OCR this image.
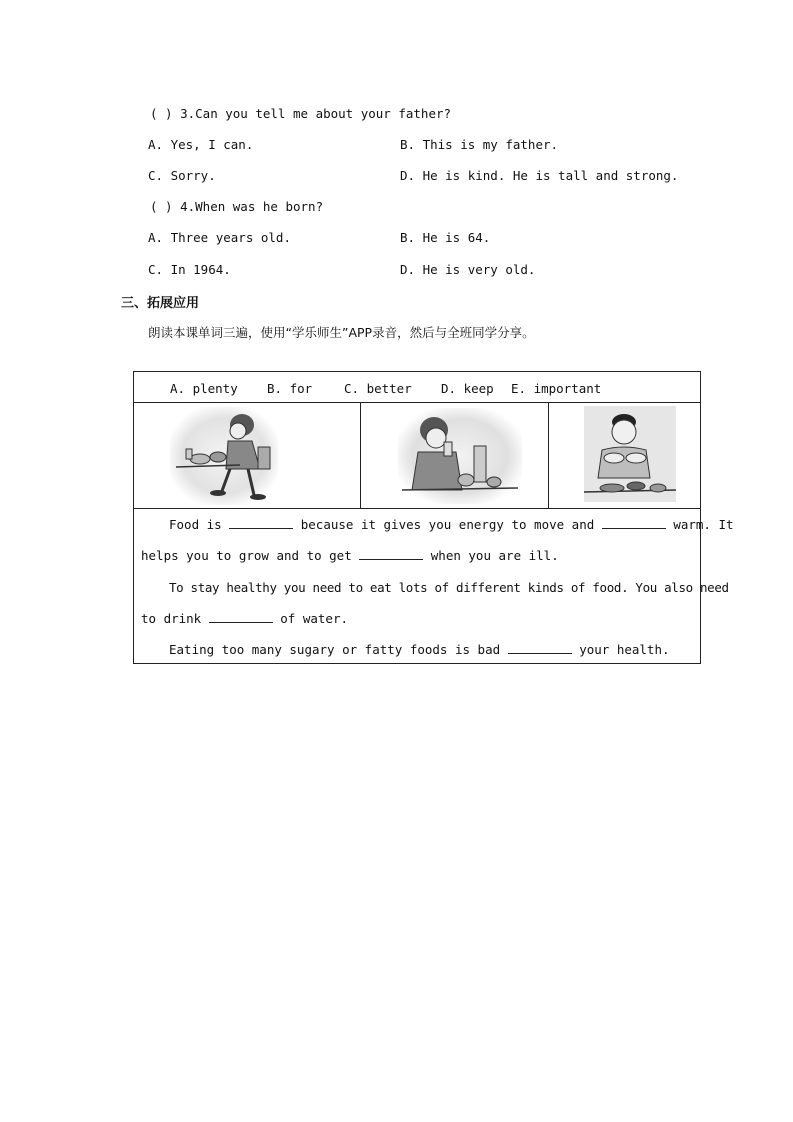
( ) 3.Can you tell me about your father?
A. Yes, I can.	B. This is my father.
C. Sorry.	D. He is kind. He is tall and strong.
( ) 4.When was he born?
A. Three years old.	B. He is 64.
C. In 1964.	D. He is very old.
三、拓展应用
朗读本课单词三遍，使用“学乐师生”APP录音，然后与全班同学分享。
A. plenty B. for	C. better D. keep E. important
Food is	because it gives you energy to move and	warm. It
helps you to grow and to get	when you are ill.
To stay healthy you need to eat lots of different kinds of food. You also need
to drink	of water.
Eating too many sugary or fatty foods is bad	your health.
